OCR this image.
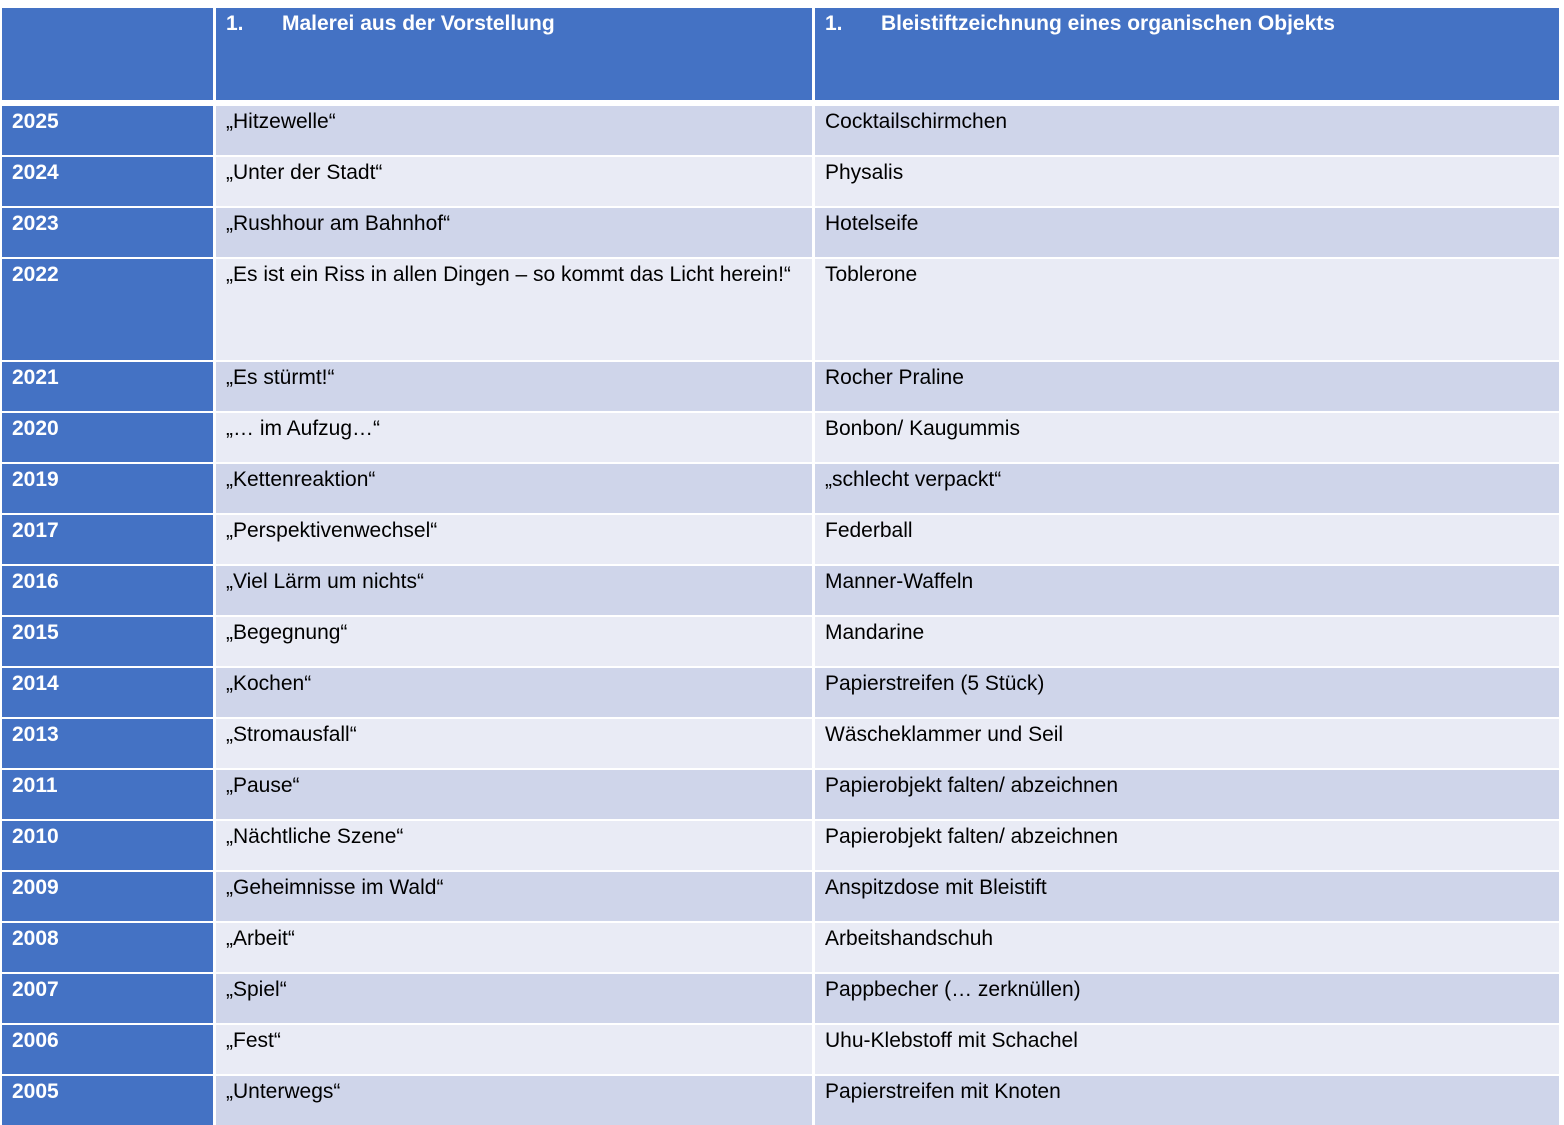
	1. Malerei aus der Vorstellung	1. Bleistiftzeichnung eines organischen Objekts
2025	„Hitzewelle“	Cocktailschirmchen
2024	„Unter der Stadt“	Physalis
2023	„Rushhour am Bahnhof“	Hotelseife
2022	„Es ist ein Riss in allen Dingen – so kommt das Licht herein!“	Toblerone
2021	„Es stürmt!“	Rocher Praline
2020	„… im Aufzug…“	Bonbon/ Kaugummis
2019	„Kettenreaktion“	„schlecht verpackt“
2017	„Perspektivenwechsel“	Federball
2016	„Viel Lärm um nichts“	Manner-Waffeln
2015	„Begegnung“	Mandarine
2014	„Kochen“	Papierstreifen (5 Stück)
2013	„Stromausfall“	Wäscheklammer und Seil
2011	„Pause“	Papierobjekt falten/ abzeichnen
2010	„Nächtliche Szene“	Papierobjekt falten/ abzeichnen
2009	„Geheimnisse im Wald“	Anspitzdose mit Bleistift
2008	„Arbeit“	Arbeitshandschuh
2007	„Spiel“	Pappbecher (… zerknüllen)
2006	„Fest“	Uhu-Klebstoff mit Schachel
2005	„Unterwegs“	Papierstreifen mit Knoten
